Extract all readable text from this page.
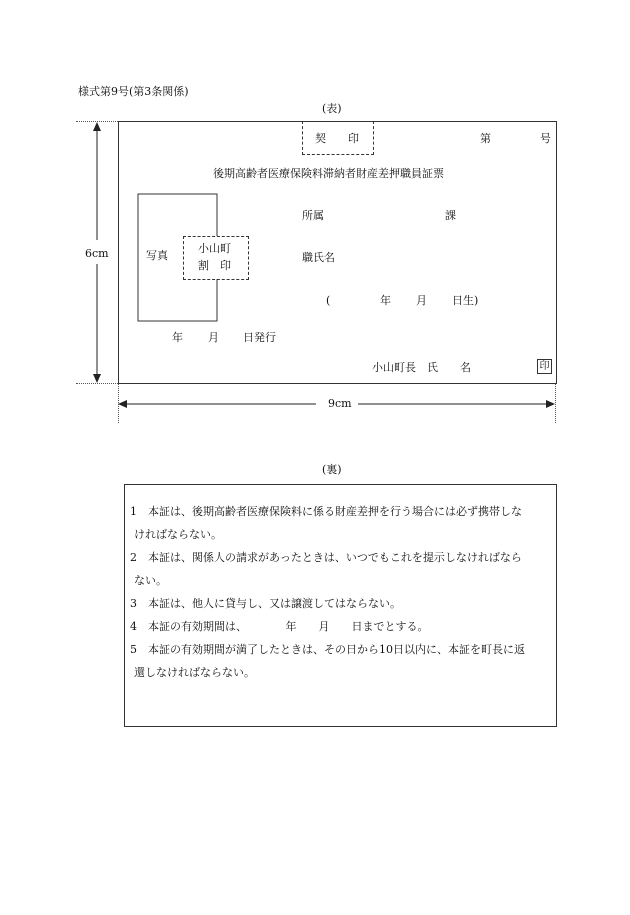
様式第9号(第3条関係)
(表)
6cm
9cm
契　　印	第	号
後期高齢者医療保険料滞納者財産差押職員証票
写真
小山町
割　印
所属	課
職氏名
(	年 月 日生)
年 月 日発行
小山町長　氏　　名	印
(裏)

1　本証は、後期高齢者医療保険料に係る財産差押を行う場合には必ず携帯しな
ければならない。

2　本証は、関係人の請求があったときは、いつでもこれを提示しなければなら
ない。

3　本証は、他人に貸与し、又は譲渡してはならない。

4　本証の有効期間は、　　　　年　　月　　日までとする。

5　本証の有効期間が満了したときは、その日から10日以内に、本証を町長に返
還しなければならない。
